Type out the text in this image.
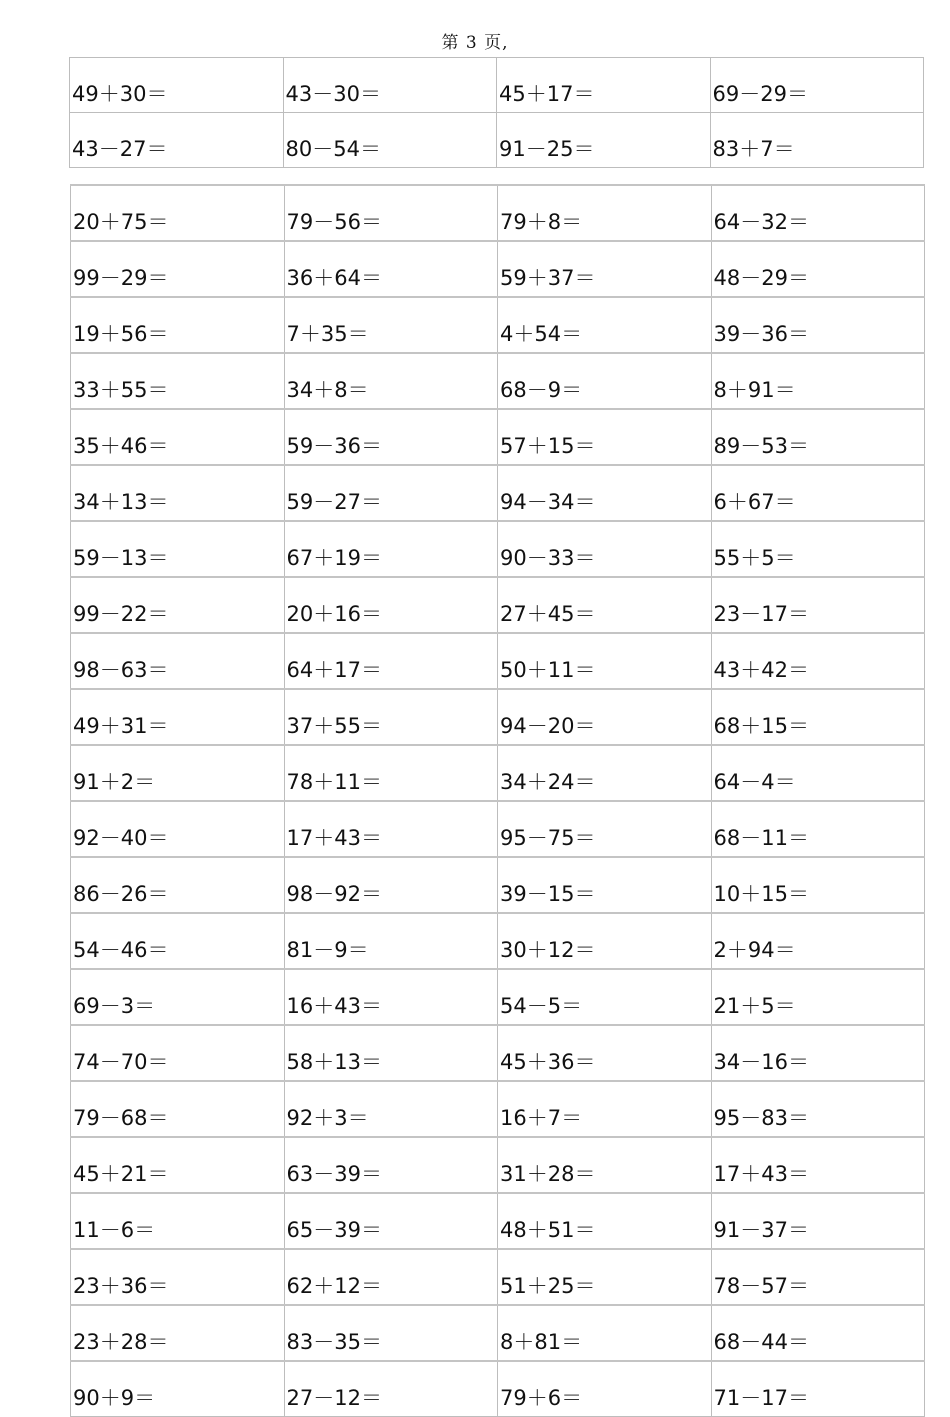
第 3 页,
49＋30＝	43－30＝	45＋17＝	69－29＝
43－27＝	80－54＝	91－25＝	83＋7＝
20＋75＝	79－56＝	79＋8＝	64－32＝
99－29＝	36＋64＝	59＋37＝	48－29＝
19＋56＝	7＋35＝	4＋54＝	39－36＝
33＋55＝	34＋8＝	68－9＝	8＋91＝
35＋46＝	59－36＝	57＋15＝	89－53＝
34＋13＝	59－27＝	94－34＝	6＋67＝
59－13＝	67＋19＝	90－33＝	55＋5＝
99－22＝	20＋16＝	27＋45＝	23－17＝
98－63＝	64＋17＝	50＋11＝	43＋42＝
49＋31＝	37＋55＝	94－20＝	68＋15＝
91＋2＝	78＋11＝	34＋24＝	64－4＝
92－40＝	17＋43＝	95－75＝	68－11＝
86－26＝	98－92＝	39－15＝	10＋15＝
54－46＝	81－9＝	30＋12＝	2＋94＝
69－3＝	16＋43＝	54－5＝	21＋5＝
74－70＝	58＋13＝	45＋36＝	34－16＝
79－68＝	92＋3＝	16＋7＝	95－83＝
45＋21＝	63－39＝	31＋28＝	17＋43＝
11－6＝	65－39＝	48＋51＝	91－37＝
23＋36＝	62＋12＝	51＋25＝	78－57＝
23＋28＝	83－35＝	8＋81＝	68－44＝
90＋9＝	27－12＝	79＋6＝	71－17＝
